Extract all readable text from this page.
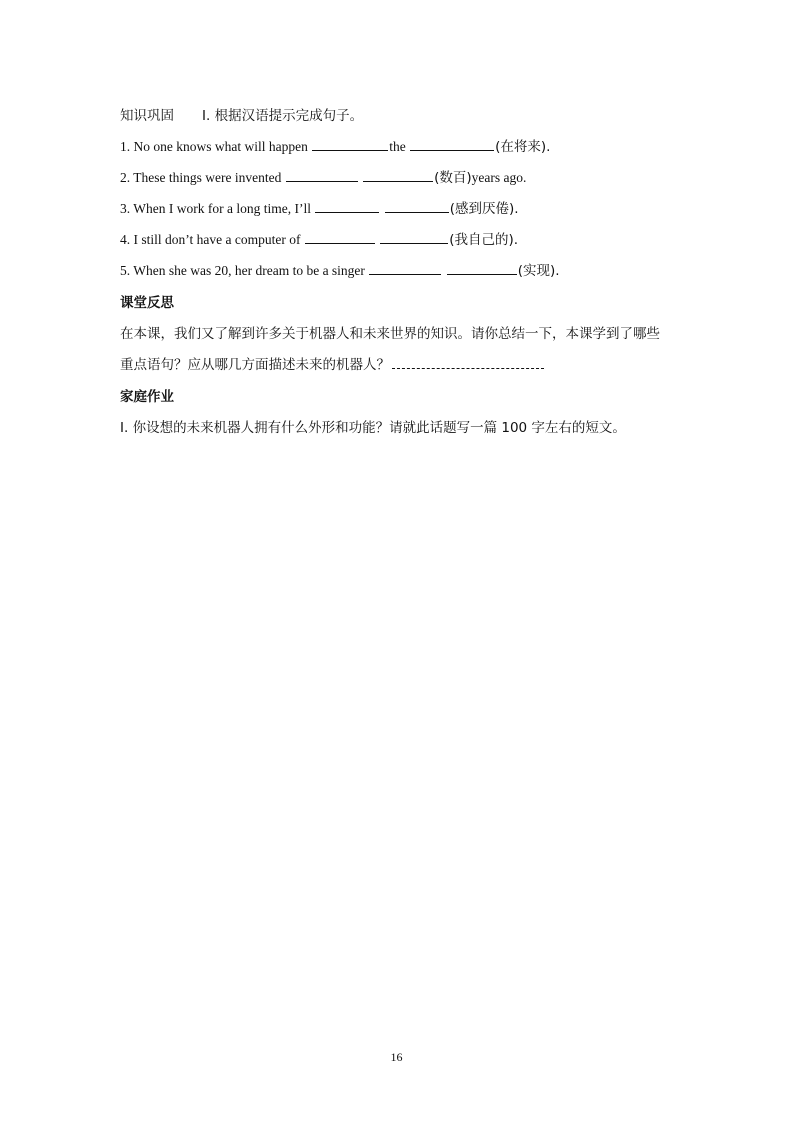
知识巩固 I. 根据汉语提示完成句子。
1. No one knows what will happen	the	(在将来).
2. These things were invented	(数百)years ago.
3. When I work for a long time, I’ll	(感到厌倦).
4. I still don’t have a computer of	(我自己的).
5. When she was 20, her dream to be a singer	(实现).
课堂反思
在本课，我们又了解到许多关于机器人和未来世界的知识。请你总结一下，本课学到了哪些
重点语句？应从哪几方面描述未来的机器人？
家庭作业
I. 你设想的未来机器人拥有什么外形和功能？请就此话题写一篇 100 字左右的短文。
16
